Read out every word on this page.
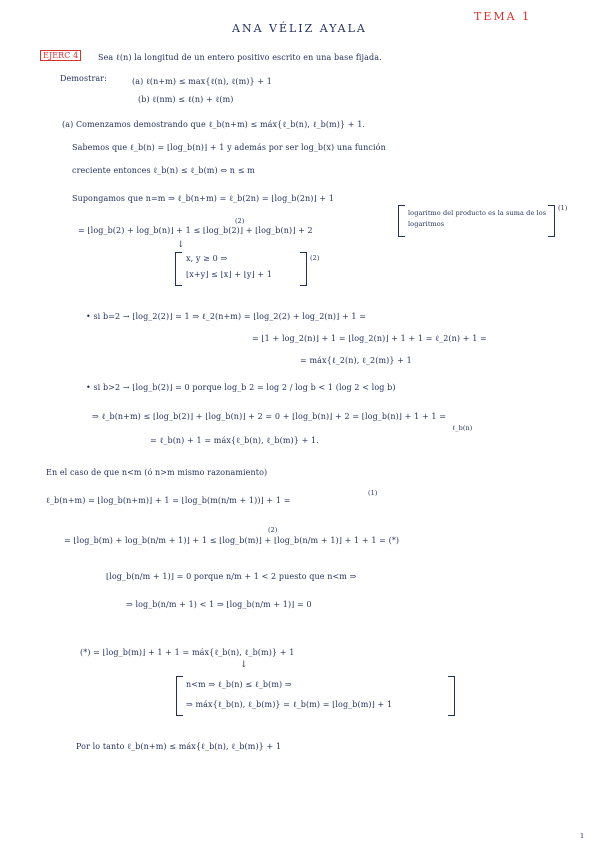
ANA VÉLIZ AYALA
TEMA 1
EJERC 4	Sea ℓ(n) la longitud de un entero positivo escrito en una base fijada.
Demostrar:	(a) ℓ(n+m) ≤ max{ℓ(n), ℓ(m)} + 1
(b) ℓ(nm) ≤ ℓ(n) + ℓ(m)
(a) Comenzamos demostrando que ℓ_b(n+m) ≤ máx{ℓ_b(n), ℓ_b(m)} + 1.
Sabemos que ℓ_b(n) = ⌊log_b(n)⌋ + 1 y además por ser log_b(x) una función
creciente entonces ℓ_b(n) ≤ ℓ_b(m) ⇔ n ≤ m
Supongamos que n=m ⇒ ℓ_b(n+m) = ℓ_b(2n) = ⌊log_b(2n)⌋ + 1
logaritmo del producto es la suma de los logaritmos
(1)
= ⌊log_b(2) + log_b(n)⌋ + 1 ≤ ⌊log_b(2)⌋ + ⌊log_b(n)⌋ + 2
(2)
↓
x, y ≥ 0 ⇒
⌊x+y⌋ ≤ ⌊x⌋ + ⌊y⌋ + 1
(2)
• si b=2 → ⌊log_2(2)⌋ = 1 ⇒ ℓ_2(n+m) = ⌊log_2(2) + log_2(n)⌋ + 1 =
= ⌊1 + log_2(n)⌋ + 1 = ⌊log_2(n)⌋ + 1 + 1 = ℓ_2(n) + 1 =
= máx{ℓ_2(n), ℓ_2(m)} + 1
• si b>2 → ⌊log_b(2)⌋ = 0 porque log_b 2 = log 2 / log b < 1 (log 2 < log b)
⇒ ℓ_b(n+m) ≤ ⌊log_b(2)⌋ + ⌊log_b(n)⌋ + 2 = 0 + ⌊log_b(n)⌋ + 2 = ⌊log_b(n)⌋ + 1 + 1 =
ℓ_b(n)
= ℓ_b(n) + 1 = máx{ℓ_b(n), ℓ_b(m)} + 1.
En el caso de que n<m (ó n>m mismo razonamiento)
ℓ_b(n+m) = ⌊log_b(n+m)⌋ + 1 = ⌊log_b(m(n/m + 1))⌋ + 1 =
(1)
= ⌊log_b(m) + log_b(n/m + 1)⌋ + 1 ≤ ⌊log_b(m)⌋ + ⌊log_b(n/m + 1)⌋ + 1 + 1 = (*)
(2)
⌊log_b(n/m + 1)⌋ = 0 porque n/m + 1 < 2 puesto que n<m ⇒
⇒ log_b(n/m + 1) < 1 ⇒ ⌊log_b(n/m + 1)⌋ = 0
(*) = ⌊log_b(m)⌋ + 1 + 1 = máx{ℓ_b(n), ℓ_b(m)} + 1
↓
n<m ⇒ ℓ_b(n) ≤ ℓ_b(m) ⇒
⇒ máx{ℓ_b(n), ℓ_b(m)} = ℓ_b(m) = ⌊log_b(m)⌋ + 1
Por lo tanto ℓ_b(n+m) ≤ máx{ℓ_b(n), ℓ_b(m)} + 1
1
